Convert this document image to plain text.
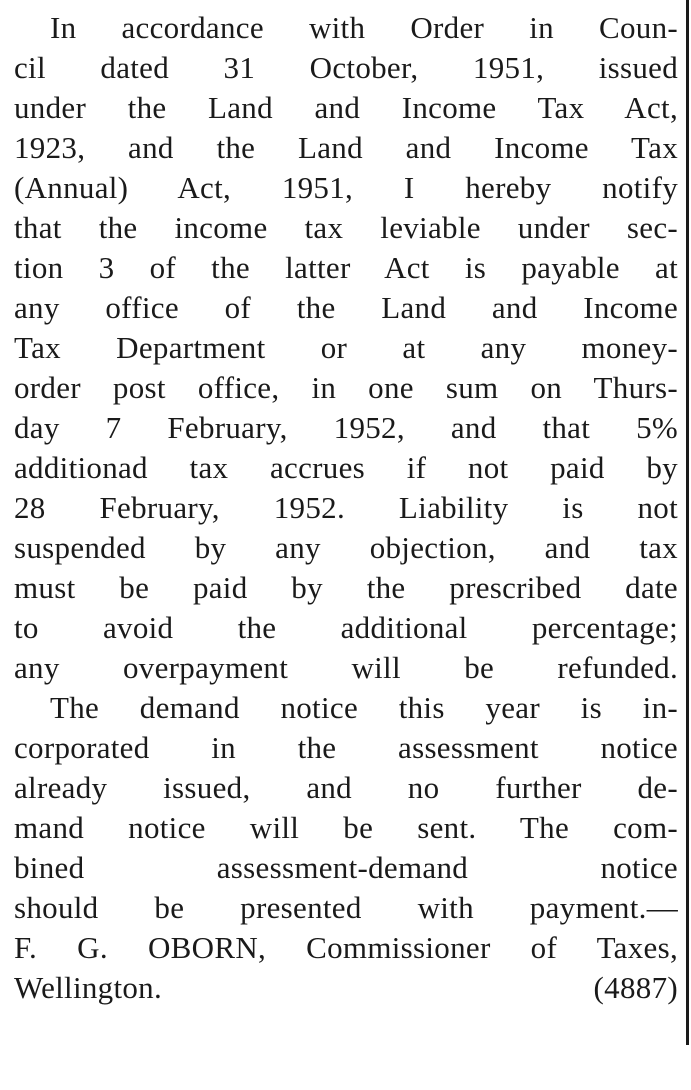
In accordance with Order in Coun-
cil dated 31 October, 1951, issued
under the Land and Income Tax Act,
1923, and the Land and Income Tax
(Annual) Act, 1951, I hereby notify
that the income tax leviable under sec-
tion 3 of the latter Act is payable at
any office of the Land and Income
Tax Department or at any money-
order post office, in one sum on Thurs-
day 7 February, 1952, and that 5%
additionad tax accrues if not paid by
28 February, 1952. Liability is not
suspended by any objection, and tax
must be paid by the prescribed date
to avoid the additional percentage;
any overpayment will be refunded.
The demand notice this year is in-
corporated in the assessment notice
already issued, and no further de-
mand notice will be sent. The com-
bined assessment-demand notice
should be presented with payment.—
F. G. OBORN, Commissioner of Taxes,
Wellington.	(4887)
